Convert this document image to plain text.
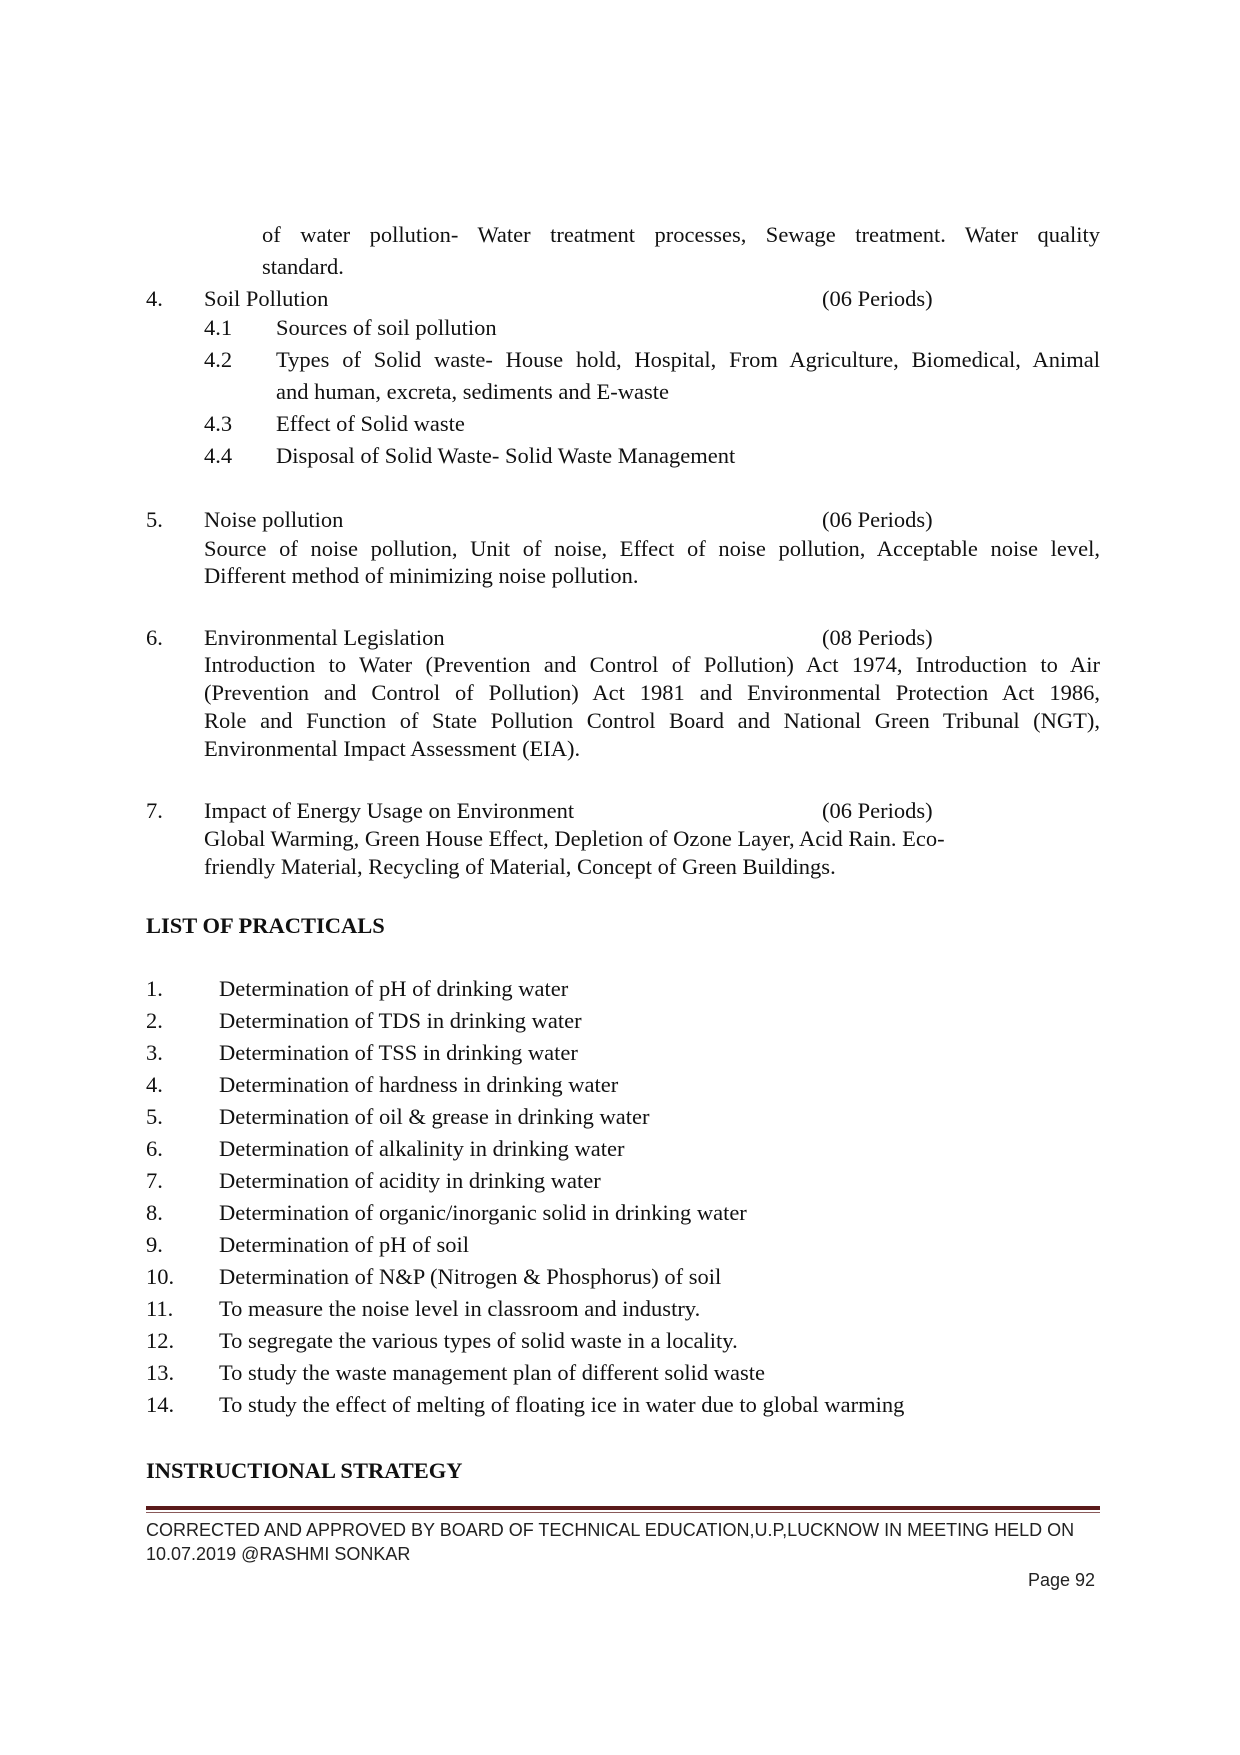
of water pollution- Water treatment processes, Sewage treatment. Water quality
standard.
4. Soil Pollution	(06 Periods)
4.1 Sources of soil pollution
4.2 Types of Solid waste- House hold, Hospital, From Agriculture, Biomedical, Animal
and human, excreta, sediments and E-waste
4.3 Effect of Solid waste
4.4 Disposal of Solid Waste- Solid Waste Management
5. Noise pollution	(06 Periods)
Source of noise pollution, Unit of noise, Effect of noise pollution, Acceptable noise level,
Different method of minimizing noise pollution.
6. Environmental Legislation	(08 Periods)
Introduction to Water (Prevention and Control of Pollution) Act 1974, Introduction to Air
(Prevention and Control of Pollution) Act 1981 and Environmental Protection Act 1986,
Role and Function of State Pollution Control Board and National Green Tribunal (NGT),
Environmental Impact Assessment (EIA).
7. Impact of Energy Usage on Environment	(06 Periods)
Global Warming, Green House Effect, Depletion of Ozone Layer, Acid Rain. Eco-
friendly Material, Recycling of Material, Concept of Green Buildings.
LIST OF PRACTICALS
1. Determination of pH of drinking water
2. Determination of TDS in drinking water
3. Determination of TSS in drinking water
4. Determination of hardness in drinking water
5. Determination of oil & grease in drinking water
6. Determination of alkalinity in drinking water
7. Determination of acidity in drinking water
8. Determination of organic/inorganic solid in drinking water
9. Determination of pH of soil
10. Determination of N&P (Nitrogen & Phosphorus) of soil
11. To measure the noise level in classroom and industry.
12. To segregate the various types of solid waste in a locality.
13. To study the waste management plan of different solid waste
14. To study the effect of melting of floating ice in water due to global warming
INSTRUCTIONAL STRATEGY
CORRECTED AND APPROVED BY BOARD OF TECHNICAL EDUCATION,U.P,LUCKNOW IN MEETING HELD ON
10.07.2019 @RASHMI SONKAR
Page 92
